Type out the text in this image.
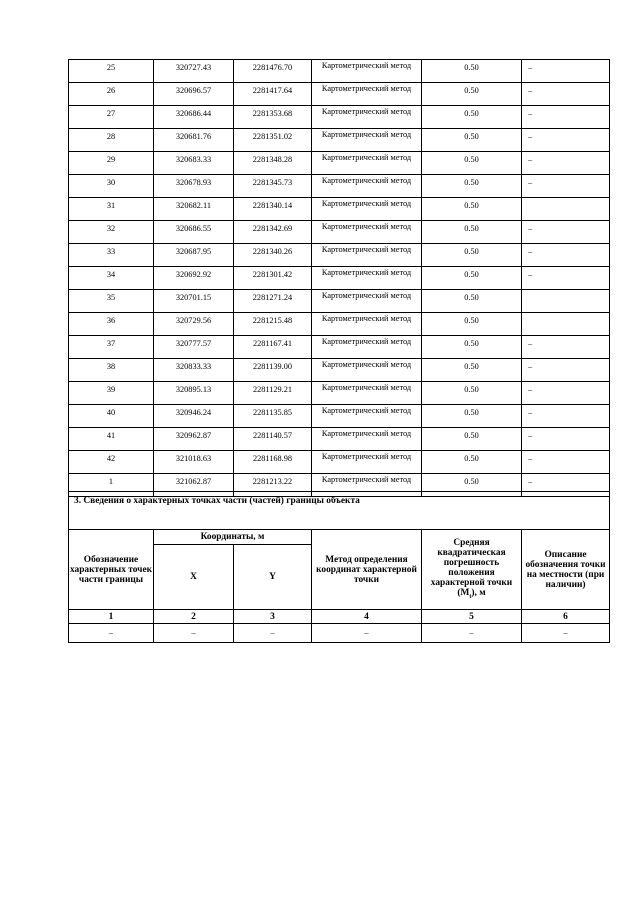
25	320727.43	2281476.70	Картометрический метод	0.50	–
26	320696.57	2281417.64	Картометрический метод	0.50	–
27	320686.44	2281353.68	Картометрический метод	0.50	–
28	320681.76	2281351.02	Картометрический метод	0.50	–
29	320683.33	2281348.28	Картометрический метод	0.50	–
30	320678.93	2281345.73	Картометрический метод	0.50	–
31	320682.11	2281340.14	Картометрический метод	0.50	
32	320686.55	2281342.69	Картометрический метод	0.50	–
33	320687.95	2281340.26	Картометрический метод	0.50	–
34	320692.92	2281301.42	Картометрический метод	0.50	–
35	320701.15	2281271.24	Картометрический метод	0.50	
36	320729.56	2281215.48	Картометрический метод	0.50	
37	320777.57	2281167.41	Картометрический метод	0.50	–
38	320833.33	2281139.00	Картометрический метод	0.50	–
39	320895.13	2281129.21	Картометрический метод	0.50	–
40	320946.24	2281135.85	Картометрический метод	0.50	–
41	320962.87	2281140.57	Картометрический метод	0.50	–
42	321018.63	2281168.98	Картометрический метод	0.50	–
1	321062.87	2281213.22	Картометрический метод	0.50	–
3. Сведения о характерных точках части (частей) границы объекта					
Обозначение характерных точек части границы	Координаты, м		Метод определения координат характерной точки	Средняя квадратическая погрешность положения характерной точки $(M_t)$, м	Описание обозначения точки на местности (при наличии)
	X	Y			
1	2	3	4	5	6
–	–	–	–	–	–
